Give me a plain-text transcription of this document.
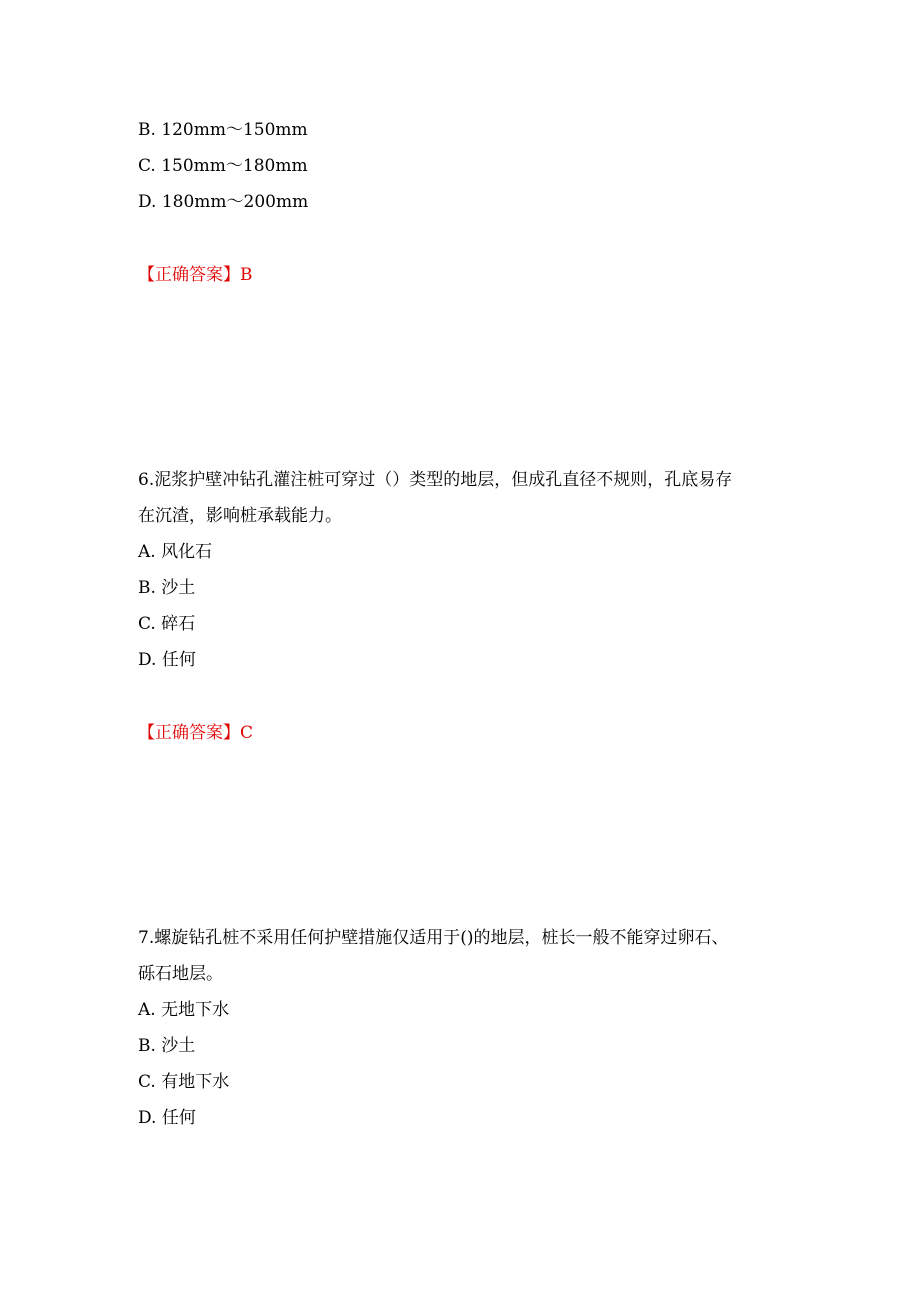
B. 120mm～150mm
C. 150mm～180mm
D. 180mm～200mm
【正确答案】B
6.泥浆护壁冲钻孔灌注桩可穿过（）类型的地层，但成孔直径不规则，孔底易存
在沉渣，影响桩承载能力。
A. 风化石
B. 沙土
C. 碎石
D. 任何
【正确答案】C
7.螺旋钻孔桩不采用任何护壁措施仅适用于()的地层，桩长一般不能穿过卵石、
砾石地层。
A. 无地下水
B. 沙土
C. 有地下水
D. 任何
